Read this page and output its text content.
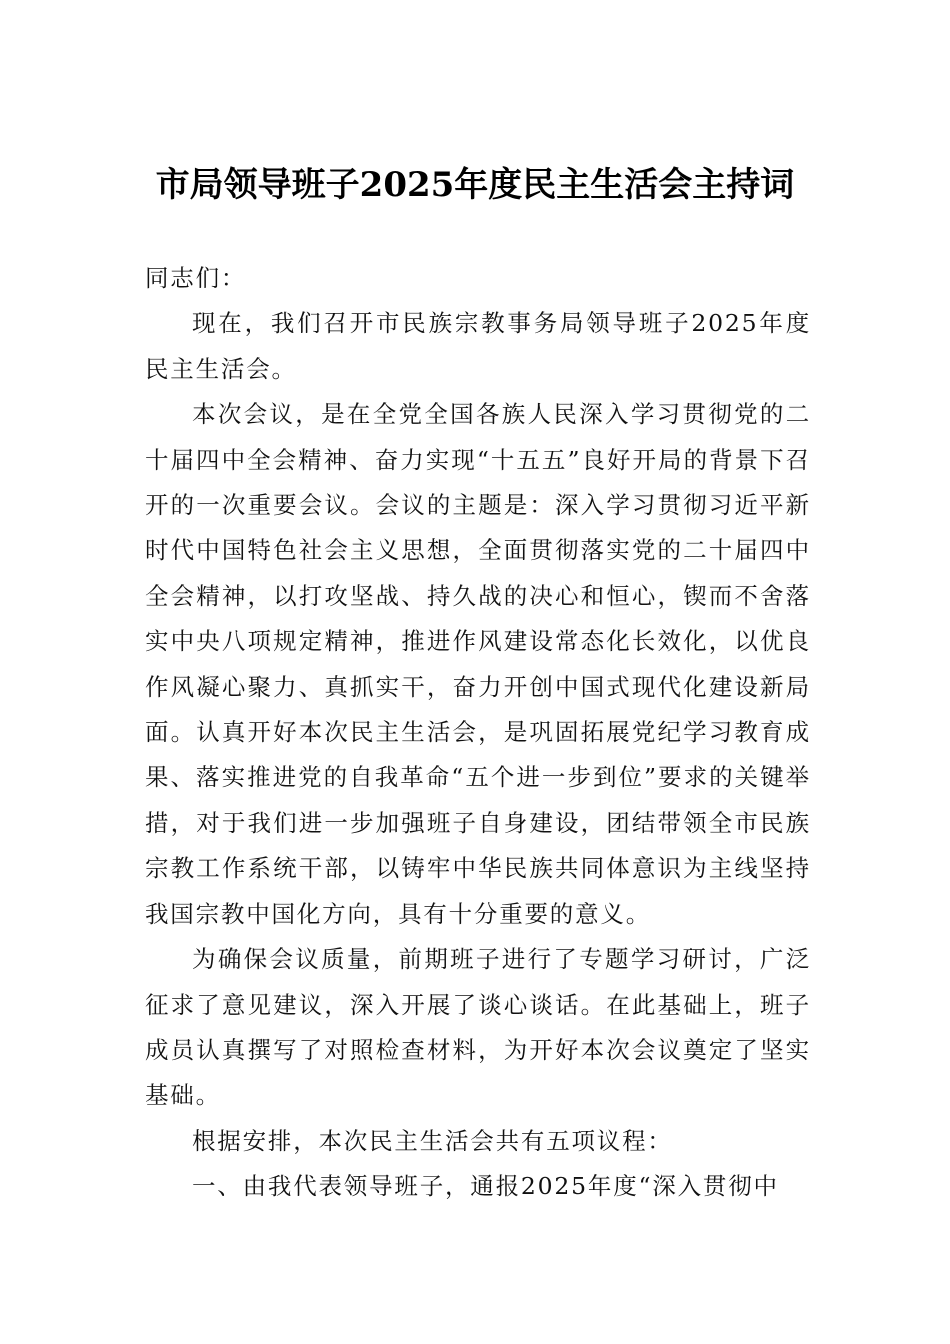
市局领导班子2025年度民主生活会主持词

同志们：

现在，我们召开市民族宗教事务局领导班子2025年度民主生活会。

本次会议，是在全党全国各族人民深入学习贯彻党的二十届四中全会精神、奋力实现“十五五”良好开局的背景下召开的一次重要会议。会议的主题是：深入学习贯彻习近平新时代中国特色社会主义思想，全面贯彻落实党的二十届四中全会精神，以打攻坚战、持久战的决心和恒心，锲而不舍落实中央八项规定精神，推进作风建设常态化长效化，以优良作风凝心聚力、真抓实干，奋力开创中国式现代化建设新局面。认真开好本次民主生活会，是巩固拓展党纪学习教育成果、落实推进党的自我革命“五个进一步到位”要求的关键举措，对于我们进一步加强班子自身建设，团结带领全市民族宗教工作系统干部，以铸牢中华民族共同体意识为主线坚持我国宗教中国化方向，具有十分重要的意义。

为确保会议质量，前期班子进行了专题学习研讨，广泛征求了意见建议，深入开展了谈心谈话。在此基础上，班子成员认真撰写了对照检查材料，为开好本次会议奠定了坚实基础。

根据安排，本次民主生活会共有五项议程：

一、由我代表领导班子，通报2025年度“深入贯彻中
